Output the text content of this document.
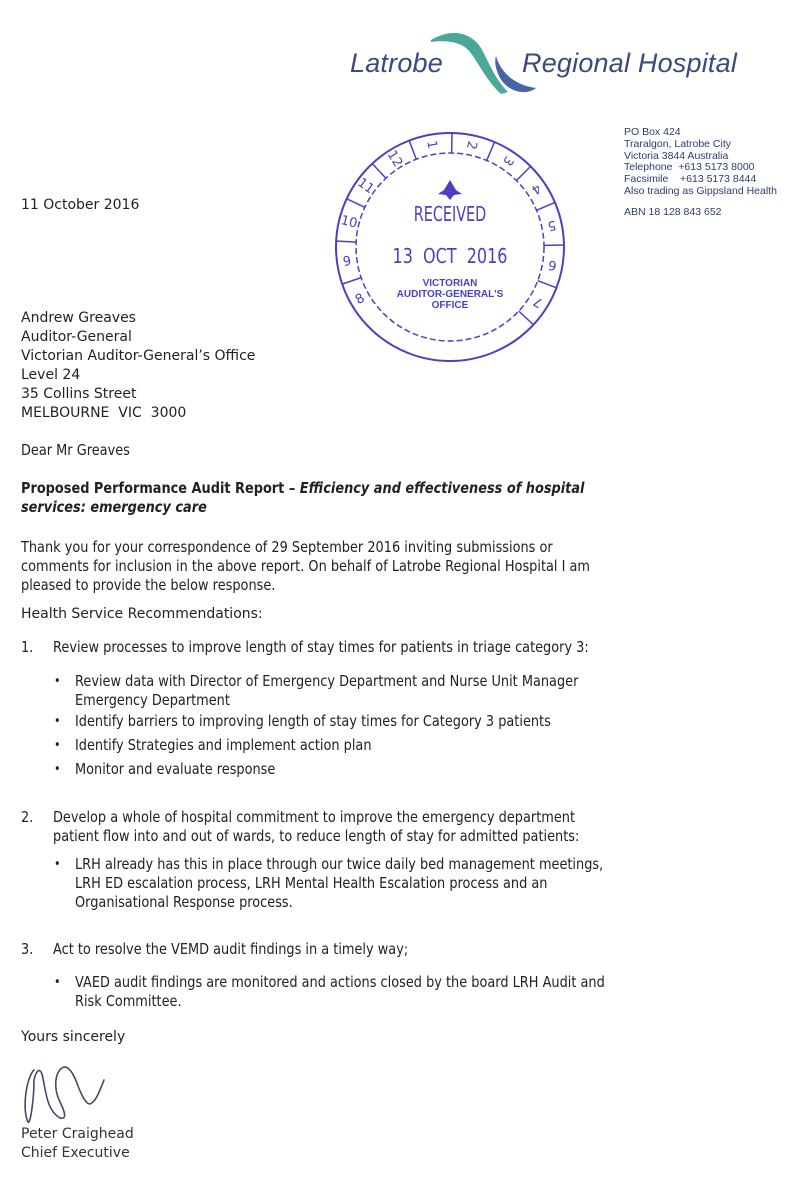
Latrobe	Regional Hospital
PO Box 424
Traralgon, Latrobe City
Victoria 3844 Australia
Telephone  +613 5173 8000
Facsimile    +613 5173 8444
Also trading as Gippsland Health
ABN 18 128 843 652
8
9
10
11
12
1 2
3
4
5
6
7
RECEIVED
13  OCT  2016
VICTORIAN
AUDITOR-GENERAL'S
OFFICE
11 October 2016
Andrew Greaves
Auditor-General
Victorian Auditor-General’s Office
Level 24
35 Collins Street
MELBOURNE  VIC  3000
Dear Mr Greaves
Proposed Performance Audit Report – Efficiency and effectiveness of hospital
services: emergency care
Thank you for your correspondence of 29 September 2016 inviting submissions or
comments for inclusion in the above report. On behalf of Latrobe Regional Hospital I am
pleased to provide the below response.
Health Service Recommendations:
1. Review processes to improve length of stay times for patients in triage category 3:
• Review data with Director of Emergency Department and Nurse Unit Manager
Emergency Department
• Identify barriers to improving length of stay times for Category 3 patients
• Identify Strategies and implement action plan
• Monitor and evaluate response
2. Develop a whole of hospital commitment to improve the emergency department
patient flow into and out of wards, to reduce length of stay for admitted patients:
• LRH already has this in place through our twice daily bed management meetings,
LRH ED escalation process, LRH Mental Health Escalation process and an
Organisational Response process.
3. Act to resolve the VEMD audit findings in a timely way;
• VAED audit findings are monitored and actions closed by the board LRH Audit and
Risk Committee.
Yours sincerely
Peter Craighead
Chief Executive
